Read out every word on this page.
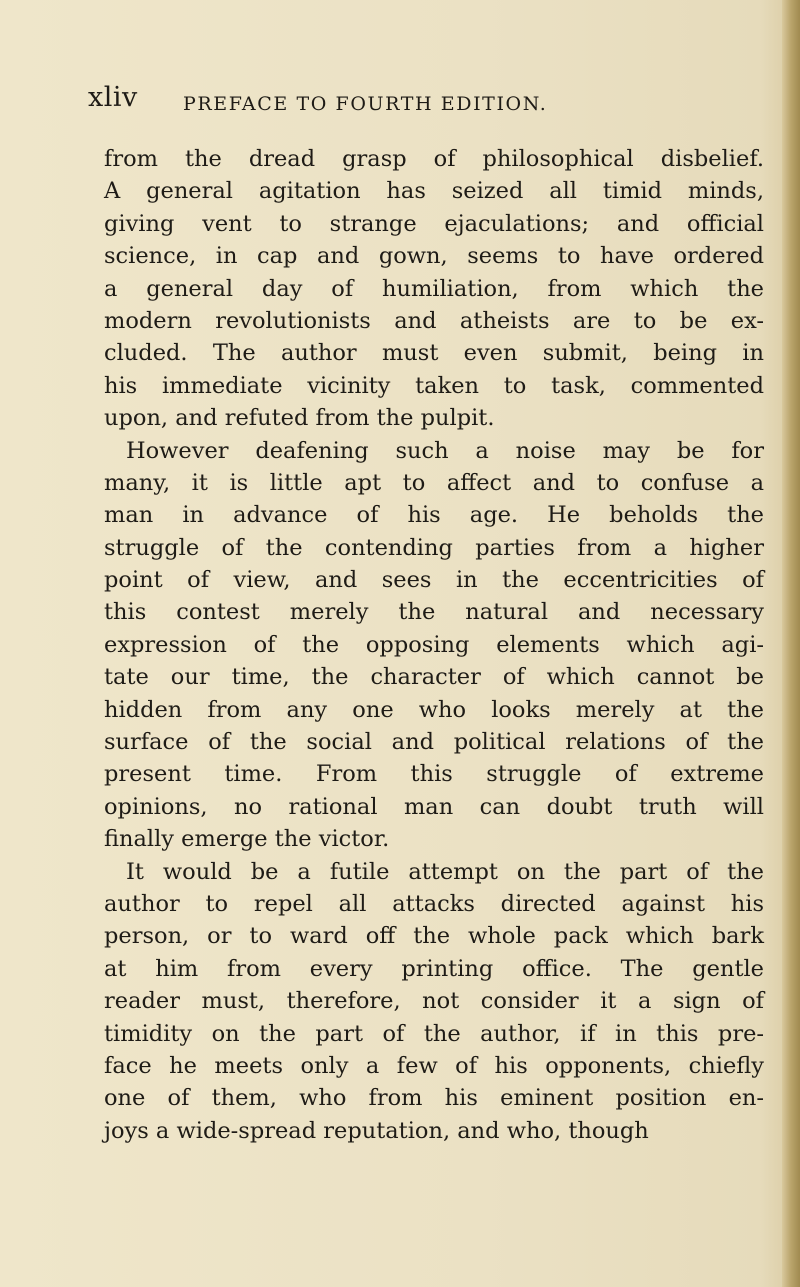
xliv PREFACE TO FOURTH EDITION.
from the dread grasp of philosophical disbelief.
A general agitation has seized all timid minds,
giving vent to strange ejaculations; and official
science, in cap and gown, seems to have ordered
a general day of humiliation, from which the
modern revolutionists and atheists are to be ex-
cluded. The author must even submit, being in
his immediate vicinity taken to task, commented
upon, and refuted from the pulpit.
However deafening such a noise may be for
many, it is little apt to affect and to confuse a
man in advance of his age. He beholds the
struggle of the contending parties from a higher
point of view, and sees in the eccentricities of
this contest merely the natural and necessary
expression of the opposing elements which agi-
tate our time, the character of which cannot be
hidden from any one who looks merely at the
surface of the social and political relations of the
present time. From this struggle of extreme
opinions, no rational man can doubt truth will
finally emerge the victor.
It would be a futile attempt on the part of the
author to repel all attacks directed against his
person, or to ward off the whole pack which bark
at him from every printing office. The gentle
reader must, therefore, not consider it a sign of
timidity on the part of the author, if in this pre-
face he meets only a few of his opponents, chiefly
one of them, who from his eminent position en-
joys a wide-spread reputation, and who, though
